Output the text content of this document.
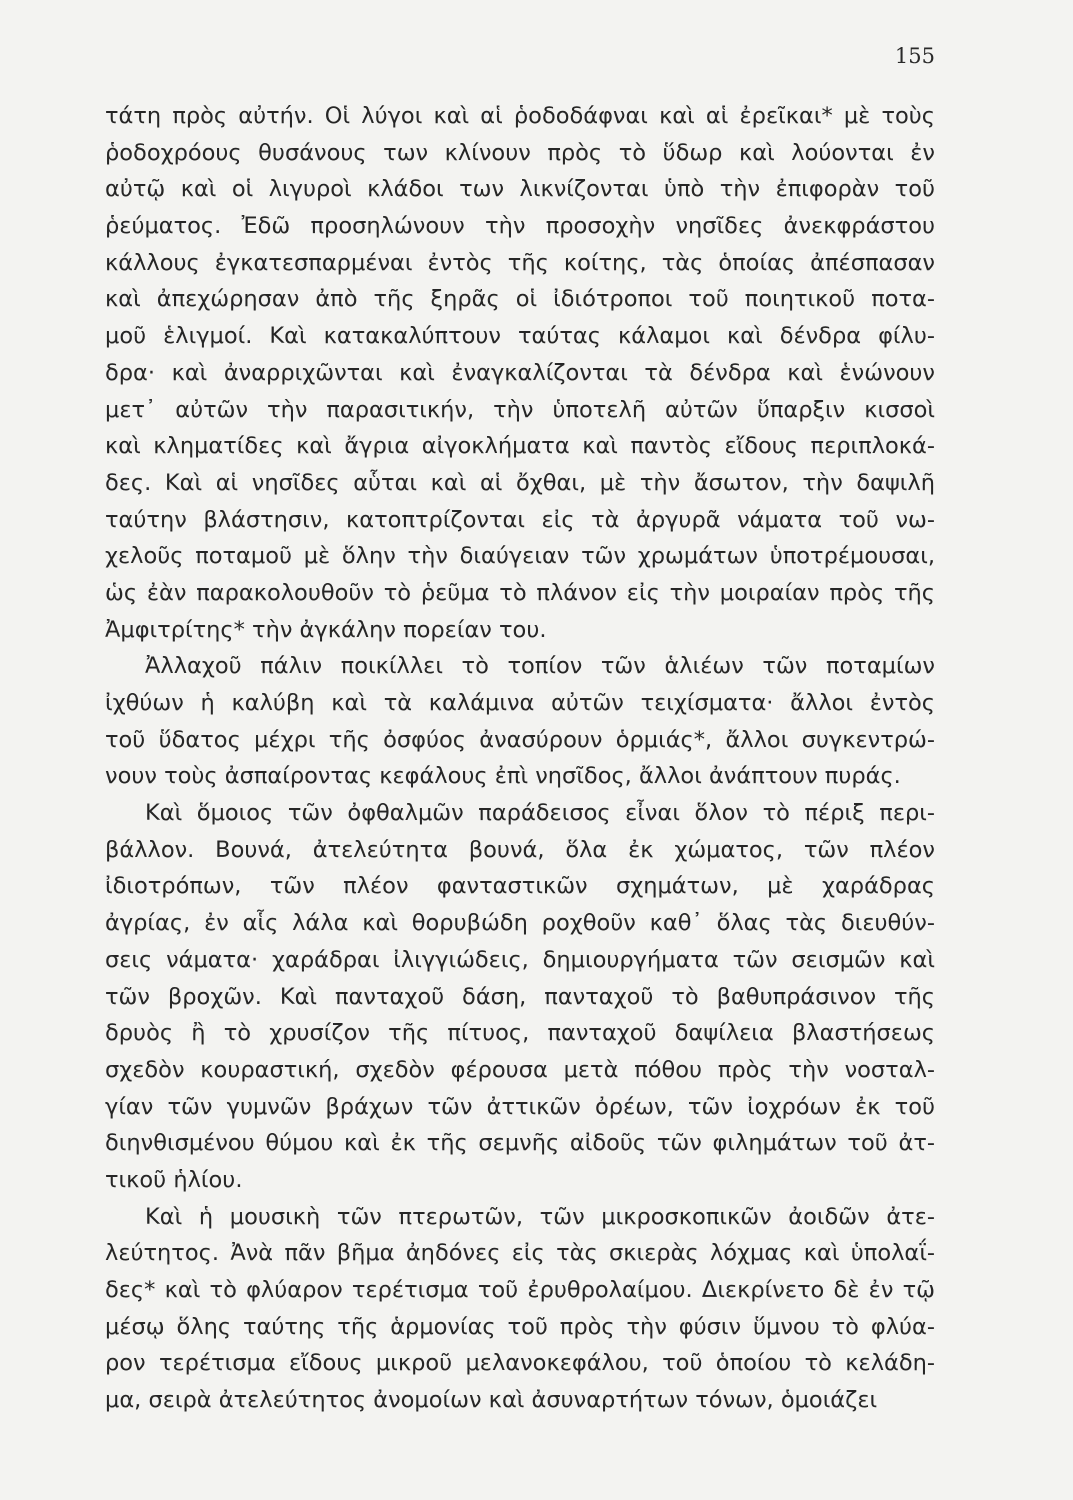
155
τάτη πρὸς αὐτήν. Οἱ λύγοι καὶ αἱ ῥοδοδάφναι καὶ αἱ ἐρεῖκαι* μὲ τοὺς
ῥοδοχρόους θυσάνους των κλίνουν πρὸς τὸ ὕδωρ καὶ λούονται ἐν
αὐτῷ καὶ οἱ λιγυροὶ κλάδοι των λικνίζονται ὑπὸ τὴν ἐπιφορὰν τοῦ
ῥεύματος. Ἐδῶ προσηλώνουν τὴν προσοχὴν νησῖδες ἀνεκφράστου
κάλλους ἐγκατεσπαρμέναι ἐντὸς τῆς κοίτης, τὰς ὁποίας ἀπέσπασαν
καὶ ἀπεχώρησαν ἀπὸ τῆς ξηρᾶς οἱ ἰδιότροποι τοῦ ποιητικοῦ ποτα-
μοῦ ἑλιγμοί. Καὶ κατακαλύπτουν ταύτας κάλαμοι καὶ δένδρα φίλυ-
δρα· καὶ ἀναρριχῶνται καὶ ἐναγκαλίζονται τὰ δένδρα καὶ ἑνώνουν
μετ᾽ αὐτῶν τὴν παρασιτικήν, τὴν ὑποτελῆ αὐτῶν ὕπαρξιν κισσοὶ
καὶ κληματίδες καὶ ἄγρια αἰγοκλήματα καὶ παντὸς εἴδους περιπλοκά-
δες. Καὶ αἱ νησῖδες αὗται καὶ αἱ ὄχθαι, μὲ τὴν ἄσωτον, τὴν δαψιλῆ
ταύτην βλάστησιν, κατοπτρίζονται εἰς τὰ ἀργυρᾶ νάματα τοῦ νω-
χελοῦς ποταμοῦ μὲ ὅλην τὴν διαύγειαν τῶν χρωμάτων ὑποτρέμουσαι,
ὡς ἐὰν παρακολουθοῦν τὸ ῥεῦμα τὸ πλάνον εἰς τὴν μοιραίαν πρὸς τῆς
Ἀμφιτρίτης* τὴν ἀγκάλην πορείαν του.
Ἀλλαχοῦ πάλιν ποικίλλει τὸ τοπίον τῶν ἁλιέων τῶν ποταμίων
ἰχθύων ἡ καλύβη καὶ τὰ καλάμινα αὐτῶν τειχίσματα· ἄλλοι ἐντὸς
τοῦ ὕδατος μέχρι τῆς ὀσφύος ἀνασύρουν ὁρμιάς*, ἄλλοι συγκεντρώ-
νουν τοὺς ἀσπαίροντας κεφάλους ἐπὶ νησῖδος, ἄλλοι ἀνάπτουν πυράς.
Καὶ ὅμοιος τῶν ὀφθαλμῶν παράδεισος εἶναι ὅλον τὸ πέριξ περι-
βάλλον. Βουνά, ἀτελεύτητα βουνά, ὅλα ἐκ χώματος, τῶν πλέον
ἰδιοτρόπων, τῶν πλέον φανταστικῶν σχημάτων, μὲ χαράδρας
ἀγρίας, ἐν αἷς λάλα καὶ θορυβώδη ροχθοῦν καθ᾽ ὅλας τὰς διευθύν-
σεις νάματα· χαράδραι ἰλιγγιώδεις, δημιουργήματα τῶν σεισμῶν καὶ
τῶν βροχῶν. Καὶ πανταχοῦ δάση, πανταχοῦ τὸ βαθυπράσινον τῆς
δρυὸς ἢ τὸ χρυσίζον τῆς πίτυος, πανταχοῦ δαψίλεια βλαστήσεως
σχεδὸν κουραστική, σχεδὸν φέρουσα μετὰ πόθου πρὸς τὴν νοσταλ-
γίαν τῶν γυμνῶν βράχων τῶν ἀττικῶν ὀρέων, τῶν ἰοχρόων ἐκ τοῦ
διηνθισμένου θύμου καὶ ἐκ τῆς σεμνῆς αἰδοῦς τῶν φιλημάτων τοῦ ἀτ-
τικοῦ ἡλίου.
Καὶ ἡ μουσικὴ τῶν πτερωτῶν, τῶν μικροσκοπικῶν ἀοιδῶν ἀτε-
λεύτητος. Ἀνὰ πᾶν βῆμα ἀηδόνες εἰς τὰς σκιερὰς λόχμας καὶ ὑπολαΐ-
δες* καὶ τὸ φλύαρον τερέτισμα τοῦ ἐρυθρολαίμου. Διεκρίνετο δὲ ἐν τῷ
μέσῳ ὅλης ταύτης τῆς ἁρμονίας τοῦ πρὸς τὴν φύσιν ὕμνου τὸ φλύα-
ρον τερέτισμα εἴδους μικροῦ μελανοκεφάλου, τοῦ ὁποίου τὸ κελάδη-
μα, σειρὰ ἀτελεύτητος ἀνομοίων καὶ ἀσυναρτήτων τόνων, ὁμοιάζει
